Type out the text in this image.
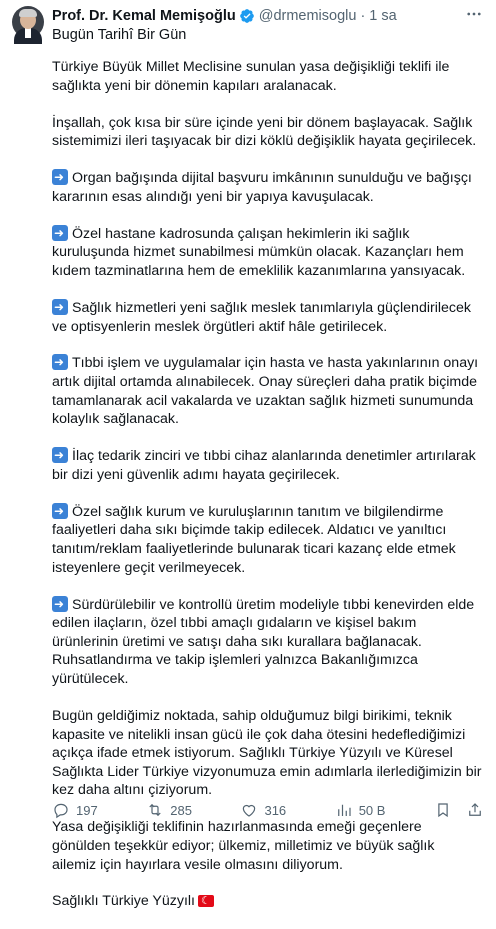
Prof. Dr. Kemal Memişoğlu @drmemisoglu · 1 sa
Bugün Tarihî Bir Gün

Türkiye Büyük Millet Meclisine sunulan yasa değişikliği teklifi ile sağlıkta yeni bir dönemin kapıları aralanacak.

İnşallah, çok kısa bir süre içinde yeni bir dönem başlayacak. Sağlık sistemimizi ileri taşıyacak bir dizi köklü değişiklik hayata geçirilecek.

➜Organ bağışında dijital başvuru imkânının sunulduğu ve bağışçı kararının esas alındığı yeni bir yapıya kavuşulacak.

➜Özel hastane kadrosunda çalışan hekimlerin iki sağlık kuruluşunda hizmet sunabilmesi mümkün olacak. Kazançları hem kıdem tazminatlarına hem de emeklilik kazanımlarına yansıyacak.

➜Sağlık hizmetleri yeni sağlık meslek tanımlarıyla güçlendirilecek ve optisyenlerin meslek örgütleri aktif hâle getirilecek.

➜Tıbbi işlem ve uygulamalar için hasta ve hasta yakınlarının onayı artık dijital ortamda alınabilecek. Onay süreçleri daha pratik biçimde tamamlanarak acil vakalarda ve uzaktan sağlık hizmeti sunumunda kolaylık sağlanacak.

➜İlaç tedarik zinciri ve tıbbi cihaz alanlarında denetimler artırılarak bir dizi yeni güvenlik adımı hayata geçirilecek.

➜Özel sağlık kurum ve kuruluşlarının tanıtım ve bilgilendirme faaliyetleri daha sıkı biçimde takip edilecek. Aldatıcı ve yanıltıcı tanıtım/reklam faaliyetlerinde bulunarak ticari kazanç elde etmek isteyenlere geçit verilmeyecek.

➜Sürdürülebilir ve kontrollü üretim modeliyle tıbbi kenevirden elde edilen ilaçların, özel tıbbi amaçlı gıdaların ve kişisel bakım ürünlerinin üretimi ve satışı daha sıkı kurallara bağlanacak. Ruhsatlandırma ve takip işlemleri yalnızca Bakanlığımızca yürütülecek.

Bugün geldiğimiz noktada, sahip olduğumuz bilgi birikimi, teknik kapasite ve nitelikli insan gücü ile çok daha ötesini hedeflediğimizi açıkça ifade etmek istiyorum. Sağlıklı Türkiye Yüzyılı ve Küresel Sağlıkta Lider Türkiye vizyonumuza emin adımlarla ilerlediğimizin bir kez daha altını çiziyorum.

Yasa değişikliği teklifinin hazırlanmasında emeği geçenlere gönülden teşekkür ediyor; ülkemiz, milletimiz ve büyük sağlık ailemiz için hayırlara vesile olmasını diliyorum.

Sağlıklı Türkiye Yüzyılı☾

197	285	316	50 B
